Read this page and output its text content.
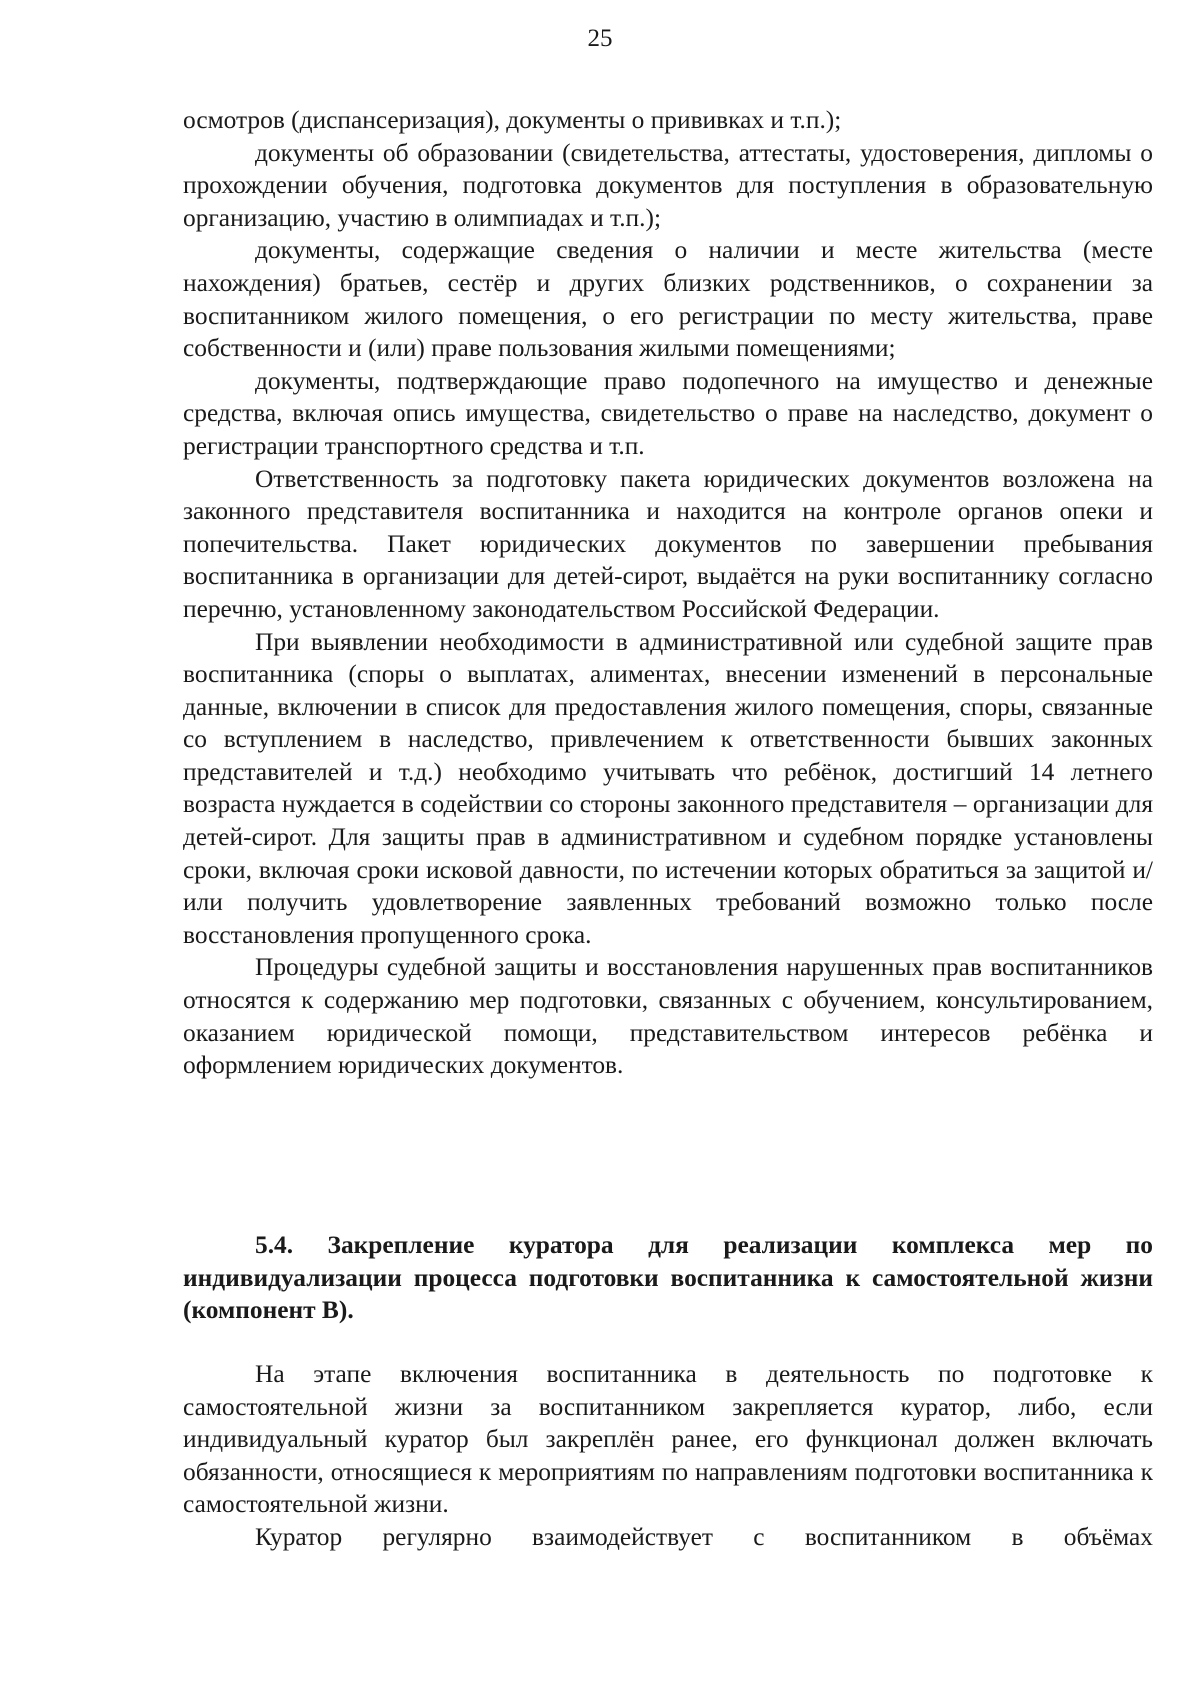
25

осмотров (диспансеризация), документы о прививках и т.п.);

документы об образовании (свидетельства, аттестаты, удостоверения, дипломы о прохождении обучения, подготовка документов для поступления в образовательную организацию, участию в олимпиадах и т.п.);

документы, содержащие сведения о наличии и месте жительства (месте нахождения) братьев, сестёр и других близких родственников, о сохранении за воспитанником жилого помещения, о его регистрации по месту жительства, праве собственности и (или) праве пользования жилыми помещениями;

документы, подтверждающие право подопечного на имущество и денежные средства, включая опись имущества, свидетельство о праве на наследство, документ о регистрации транспортного средства и т.п.

Ответственность за подготовку пакета юридических документов возложена на законного представителя воспитанника и находится на контроле органов опеки и попечительства. Пакет юридических документов по завершении пребывания воспитанника в организации для детей-сирот, выдаётся на руки воспитаннику согласно перечню, установленному законодательством Российской Федерации.

При выявлении необходимости в административной или судебной защите прав воспитанника (споры о выплатах, алиментах, внесении изменений в персональные данные, включении в список для предоставления жилого помещения, споры, связанные со вступлением в наследство, привлечением к ответственности бывших законных представителей и т.д.) необходимо учитывать что ребёнок, достигший 14 летнего возраста нуждается в содействии со стороны законного представителя – организации для детей-сирот. Для защиты прав в административном и судебном порядке установлены сроки, включая сроки исковой давности, по истечении которых обратиться за защитой и/или получить удовлетворение заявленных требований возможно только после восстановления пропущенного срока.

Процедуры судебной защиты и восстановления нарушенных прав воспитанников относятся к содержанию мер подготовки, связанных с обучением, консультированием, оказанием юридической помощи, представительством интересов ребёнка и оформлением юридических документов.

5.4. Закрепление куратора для реализации комплекса мер по индивидуализации процесса подготовки воспитанника к самостоятельной жизни (компонент В).

На этапе включения воспитанника в деятельность по подготовке к самостоятельной жизни за воспитанником закрепляется куратор, либо, если индивидуальный куратор был закреплён ранее, его функционал должен включать обязанности, относящиеся к мероприятиям по направлениям подготовки воспитанника к самостоятельной жизни.

Куратор регулярно взаимодействует с воспитанником в объёмах
